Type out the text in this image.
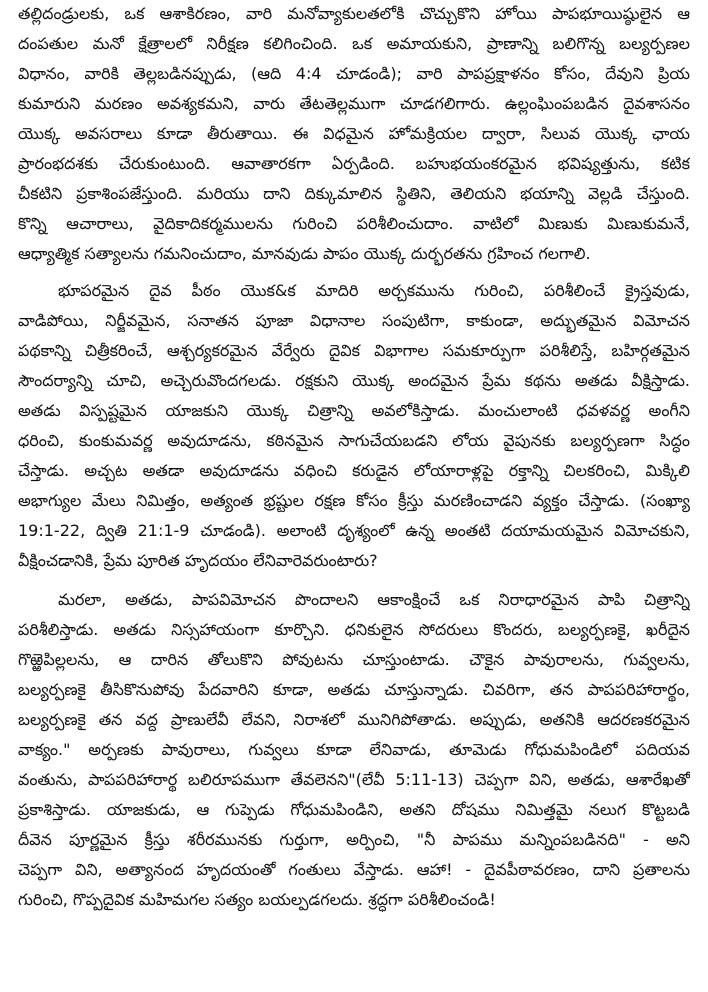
తల్లిదండ్రులకు, ఒక ఆశాకిరణం, వారి మనోవ్యాకులతలోకి చొచ్చుకొని హోయి పాపభూయిష్ఠులైన ఆ
దంపతుల మనో క్షేత్రాలలో నిరీక్షణ కలిగించింది. ఒక అమాయకుని, ప్రాణాన్ని బలిగొన్న బల్యర్పణల
విధానం, వారికి తెల్లబడినప్పుడు, (ఆది 4:4 చూడండి); వారి పాపప్రక్షాళనం కోసం, దేవుని ప్రియ
కుమారుని మరణం అవశ్యకమని, వారు తేటతెల్లముగా చూడగలిగారు. ఉల్లంఘింపబడిన దైవశాసనం
యొక్క అవసరాలు కూడా తీరుతాయి. ఈ విధమైన హోమక్రియల ద్వారా, సిలువ యొక్క ఛాయ
ప్రారంభదశకు చేరుకుంటుంది. ఆవాతారకగా ఏర్పడింది. బహుభయంకరమైన భవిష్యత్తును, కటిక
చీకటిని ప్రకాశింపజేస్తుంది. మరియు దాని దిక్కుమాలిన స్థితిని, తెలియని భయాన్ని వెల్లడి చేస్తుంది.
కొన్ని ఆచారాలు, వైదికాదికర్మములను గురించి పరిశీలించుదాం. వాటిలో మిణుకు మిణుకుమనే,
ఆధ్యాత్మిక సత్యాలను గమనించుదాం, మానవుడు పాపం యొక్క దుర్భరతను గ్రహించ గలగాలి.
భూపరమైన దైవ పీఠం యొక&క మాదిరి అర్చకమును గురించి, పరిశీలించే క్రైస్తవుడు,
వాడిపోయి, నిర్జీవమైన, సనాతన పూజా విధానాల సంపుటిగా, కాకుండా, అద్భుతమైన విమోచన
పథకాన్ని చిత్రీకరించే, ఆశ్చర్యకరమైన వేర్వేరు దైవిక విభాగాల సమకూర్పుగా పరిశీలిస్తే, బహిర్గతమైన
సౌందర్యాన్ని చూచి, అచ్చెరువొందగలడు. రక్షకుని యొక్క అందమైన ప్రేమ కథను అతడు వీక్షిస్తాడు.
అతడు విస్పష్టమైన యాజకుని యొక్క చిత్రాన్ని అవలోకిస్తాడు. మంచులాంటి ధవళవర్ణ అంగీని
ధరించి, కుంకుమవర్ణ అవుదూడను, కఠినమైన సాగుచేయబడని లోయ వైపునకు బల్యర్పణగా సిద్ధం
చేస్తాడు. అచ్చట అతడా అవుదూడను వధించి కరుడైన లోయారాళ్లపై రక్తాన్ని చిలకరించి, మిక్కిలి
అభాగ్యుల మేలు నిమిత్తం, అత్యంత భ్రష్టుల రక్షణ కోసం క్రీస్తు మరణించాడని వ్యక్తం చేస్తాడు. (సంఖ్యా
19:1-22, ద్వితి 21:1-9 చూడండి). అలాంటి దృశ్యంలో ఉన్న అంతటి దయామయమైన విమోచకుని,
వీక్షించడానికి, ప్రేమ పూరిత హృదయం లేనివారెవరుంటారు?
మరలా, అతడు, పాపవిమోచన పొందాలని ఆకాంక్షించే ఒక నిరాధారమైన పాపి చిత్రాన్ని
పరిశీలిస్తాడు. అతడు నిస్సహాయంగా కూర్చొని. ధనికులైన సోదరులు కొందరు, బల్యర్పణకై, ఖరీదైన
గొఱ్ఱెపిల్లలను, ఆ దారిన తోలుకొని పోవుటను చూస్తుంటాడు. చౌకైన పావురాలను, గువ్వలను,
బల్యర్పణకై తీసికొనుపోవు పేదవారిని కూడా, అతడు చూస్తున్నాడు. చివరిగా, తన పాపపరిహారార్థం,
బల్యర్పణకై తన వద్ద ప్రాణులేవీ లేవని, నిరాశలో మునిగిపోతాడు. అప్పుడు, అతనికి ఆదరణకరమైన
వాక్యం." అర్పణకు పావురాలు, గువ్వలు కూడా లేనివాడు, తూమెడు గోధుమపిండిలో పదియవ
వంతును, పాపపరిహారార్థ బలిరూపముగా తేవలెనని"(లేవీ 5:11-13) చెప్పగా విని, అతడు, ఆశారేఖతో
ప్రకాశిస్తాడు. యాజకుడు, ఆ గుప్పెడు గోధుమపిండిని, అతని దోషము నిమిత్తమై నలుగ కొట్టబడి
దీవెన పూర్ణమైన క్రీస్తు శరీరమునకు గుర్తుగా, అర్పించి, "నీ పాపము మన్నింపబడినది" - అని
చెప్పగా విని, అత్యానంద హృదయంతో గంతులు వేస్తాడు. ఆహా! - దైవపీఠావరణం, దాని ప్రతాలను
గురించి, గొప్పదైవిక మహిమగల సత్యం బయల్పడగలదు. శ్రద్ధగా పరిశీలించండి!
